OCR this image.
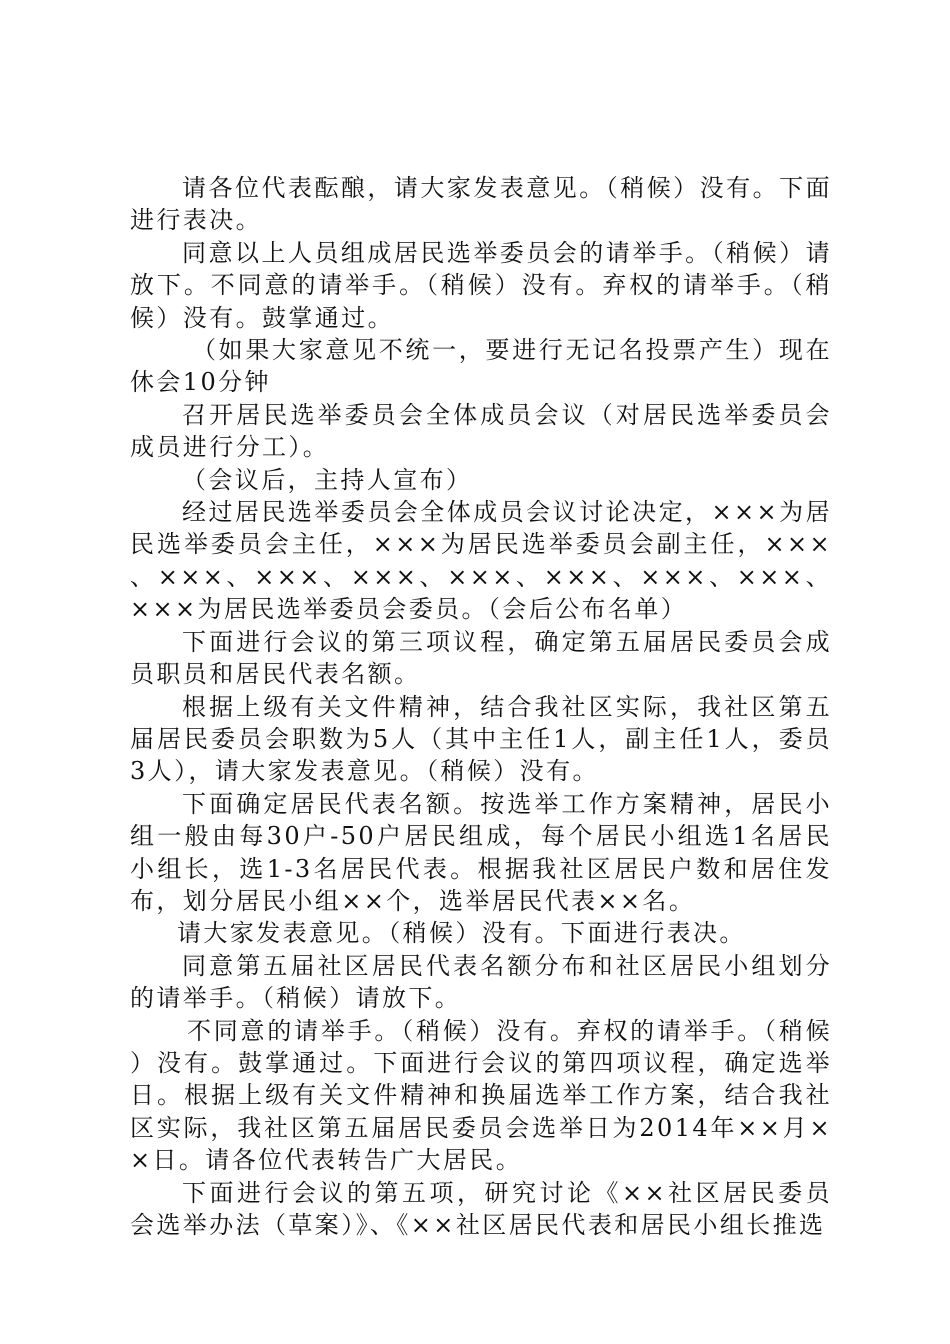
请各位代表酝酿，请大家发表意见。（稍候）没有。下面进行表决。

同意以上人员组成居民选举委员会的请举手。（稍候）请放下。不同意的请举手。（稍候）没有。弃权的请举手。（稍候）没有。鼓掌通过。

（如果大家意见不统一，要进行无记名投票产生）现在休会10分钟

召开居民选举委员会全体成员会议（对居民选举委员会成员进行分工）。

（会议后，主持人宣布）

经过居民选举委员会全体成员会议讨论决定，×××为居民选举委员会主任，×××为居民选举委员会副主任，×××、×××、×××、×××、×××、×××、×××、×××、×××为居民选举委员会委员。（会后公布名单）

下面进行会议的第三项议程，确定第五届居民委员会成员职员和居民代表名额。

根据上级有关文件精神，结合我社区实际，我社区第五届居民委员会职数为5人（其中主任1人，副主任1人，委员3人），请大家发表意见。（稍候）没有。

下面确定居民代表名额。按选举工作方案精神，居民小组一般由每30户-50户居民组成，每个居民小组选1名居民小组长，选1-3名居民代表。根据我社区居民户数和居住发布，划分居民小组××个，选举居民代表××名。

请大家发表意见。（稍候）没有。下面进行表决。

同意第五届社区居民代表名额分布和社区居民小组划分的请举手。（稍候）请放下。

不同意的请举手。（稍候）没有。弃权的请举手。（稍候）没有。鼓掌通过。下面进行会议的第四项议程，确定选举日。根据上级有关文件精神和换届选举工作方案，结合我社区实际，我社区第五届居民委员会选举日为2014年××月××日。请各位代表转告广大居民。

下面进行会议的第五项，研究讨论《××社区居民委员会选举办法（草案）》、《××社区居民代表和居民小组长推选
